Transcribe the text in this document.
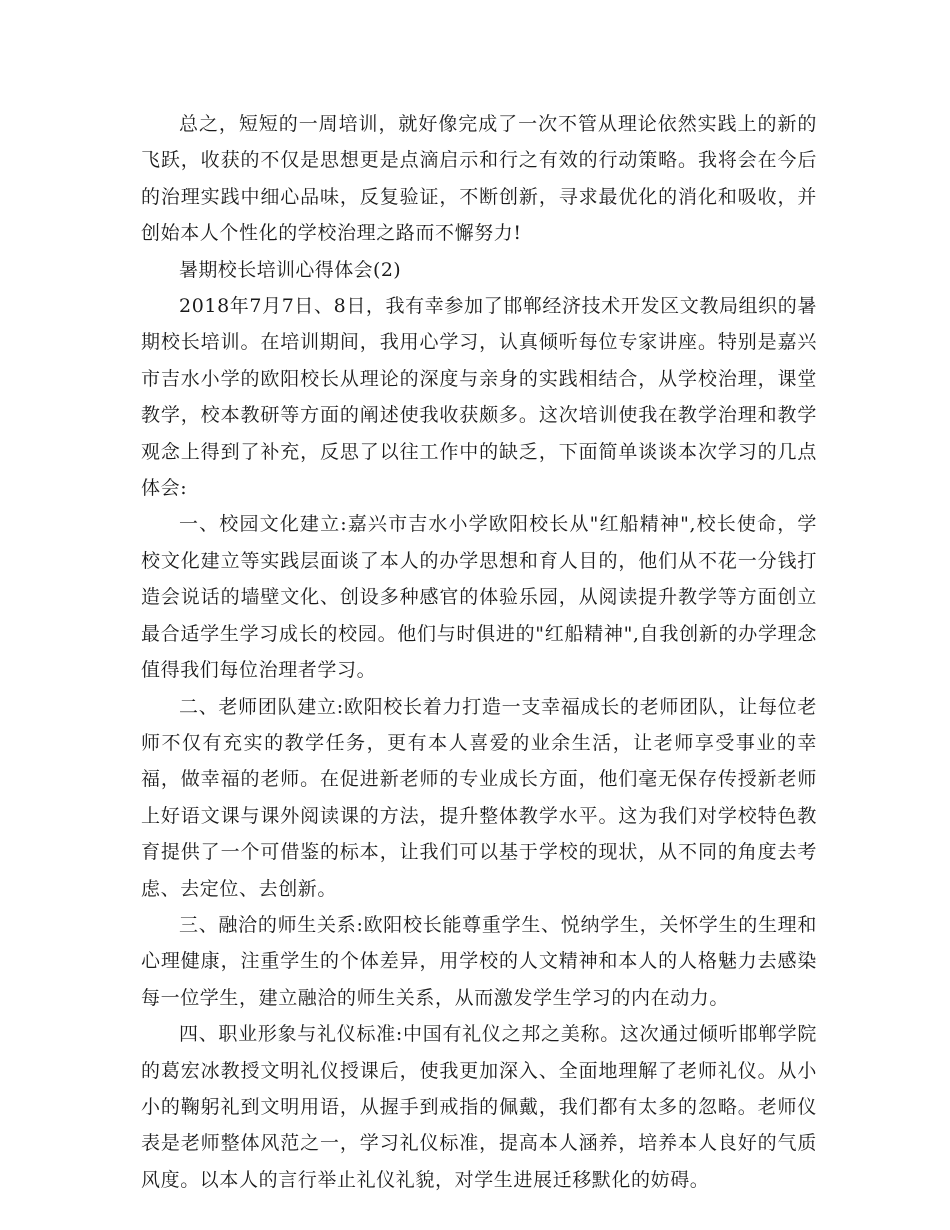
总之，短短的一周培训，就好像完成了一次不管从理论依然实践上的新的飞跃，收获的不仅是思想更是点滴启示和行之有效的行动策略。我将会在今后的治理实践中细心品味，反复验证，不断创新，寻求最优化的消化和吸收，并创始本人个性化的学校治理之路而不懈努力!

暑期校长培训心得体会(2)

2018年7月7日、8日，我有幸参加了邯郸经济技术开发区文教局组织的暑期校长培训。在培训期间，我用心学习，认真倾听每位专家讲座。特别是嘉兴市吉水小学的欧阳校长从理论的深度与亲身的实践相结合，从学校治理，课堂教学，校本教研等方面的阐述使我收获颇多。这次培训使我在教学治理和教学观念上得到了补充，反思了以往工作中的缺乏，下面简单谈谈本次学习的几点体会:

一、校园文化建立:嘉兴市吉水小学欧阳校长从"红船精神",校长使命，学校文化建立等实践层面谈了本人的办学思想和育人目的，他们从不花一分钱打造会说话的墙壁文化、创设多种感官的体验乐园，从阅读提升教学等方面创立最合适学生学习成长的校园。他们与时俱进的"红船精神",自我创新的办学理念值得我们每位治理者学习。

二、老师团队建立:欧阳校长着力打造一支幸福成长的老师团队，让每位老师不仅有充实的教学任务，更有本人喜爱的业余生活，让老师享受事业的幸福，做幸福的老师。在促进新老师的专业成长方面，他们毫无保存传授新老师上好语文课与课外阅读课的方法，提升整体教学水平。这为我们对学校特色教育提供了一个可借鉴的标本，让我们可以基于学校的现状，从不同的角度去考虑、去定位、去创新。

三、融洽的师生关系:欧阳校长能尊重学生、悦纳学生，关怀学生的生理和心理健康，注重学生的个体差异，用学校的人文精神和本人的人格魅力去感染每一位学生，建立融洽的师生关系，从而激发学生学习的内在动力。

四、职业形象与礼仪标准:中国有礼仪之邦之美称。这次通过倾听邯郸学院的葛宏冰教授文明礼仪授课后，使我更加深入、全面地理解了老师礼仪。从小小的鞠躬礼到文明用语，从握手到戒指的佩戴，我们都有太多的忽略。老师仪表是老师整体风范之一，学习礼仪标准，提高本人涵养，培养本人良好的气质风度。以本人的言行举止礼仪礼貌，对学生进展迁移默化的妨碍。
